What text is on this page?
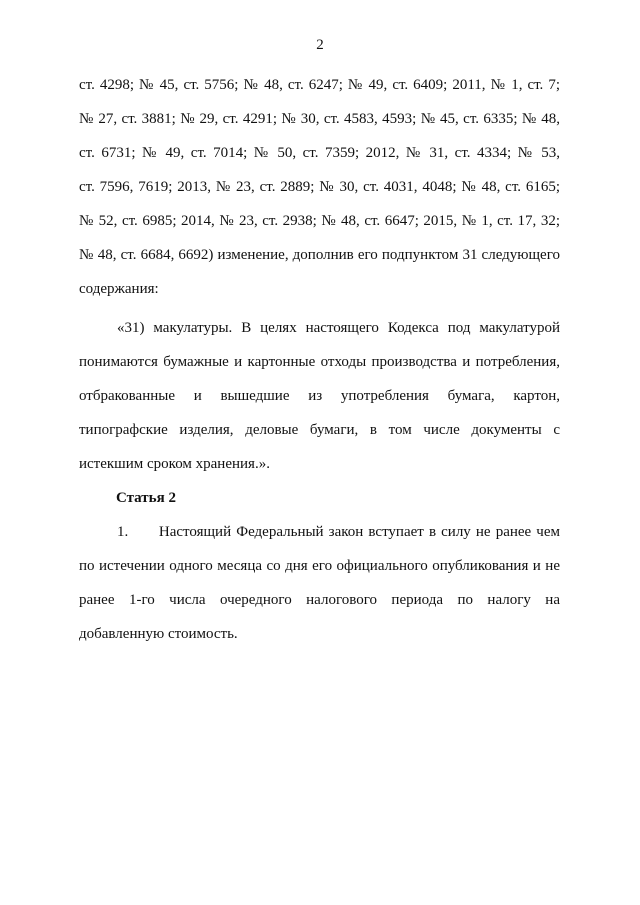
2
ст. 4298; № 45, ст. 5756; № 48, ст. 6247; № 49, ст. 6409; 2011, № 1, ст. 7;
№ 27, ст. 3881; № 29, ст. 4291; № 30, ст. 4583, 4593; № 45, ст. 6335; № 48,
ст. 6731; № 49, ст. 7014; № 50, ст. 7359; 2012, № 31, ст. 4334; № 53,
ст. 7596, 7619; 2013, № 23, ст. 2889; № 30, ст. 4031, 4048; № 48, ст. 6165;
№ 52, ст. 6985; 2014, № 23, ст. 2938; № 48, ст. 6647; 2015, № 1, ст. 17, 32;
№ 48, ст. 6684, 6692) изменение, дополнив его подпунктом 31 следующего
содержания:
«31) макулатуры. В целях настоящего Кодекса под макулатурой
понимаются бумажные и картонные отходы производства и потребления,
отбракованные и вышедшие из употребления бумага, картон,
типографские изделия, деловые бумаги, в том числе документы с
истекшим сроком хранения.».
Статья 2
1.      Настоящий Федеральный закон вступает в силу не ранее чем
по истечении одного месяца со дня его официального опубликования и не
ранее 1-го числа очередного налогового периода по налогу на
добавленную стоимость.
